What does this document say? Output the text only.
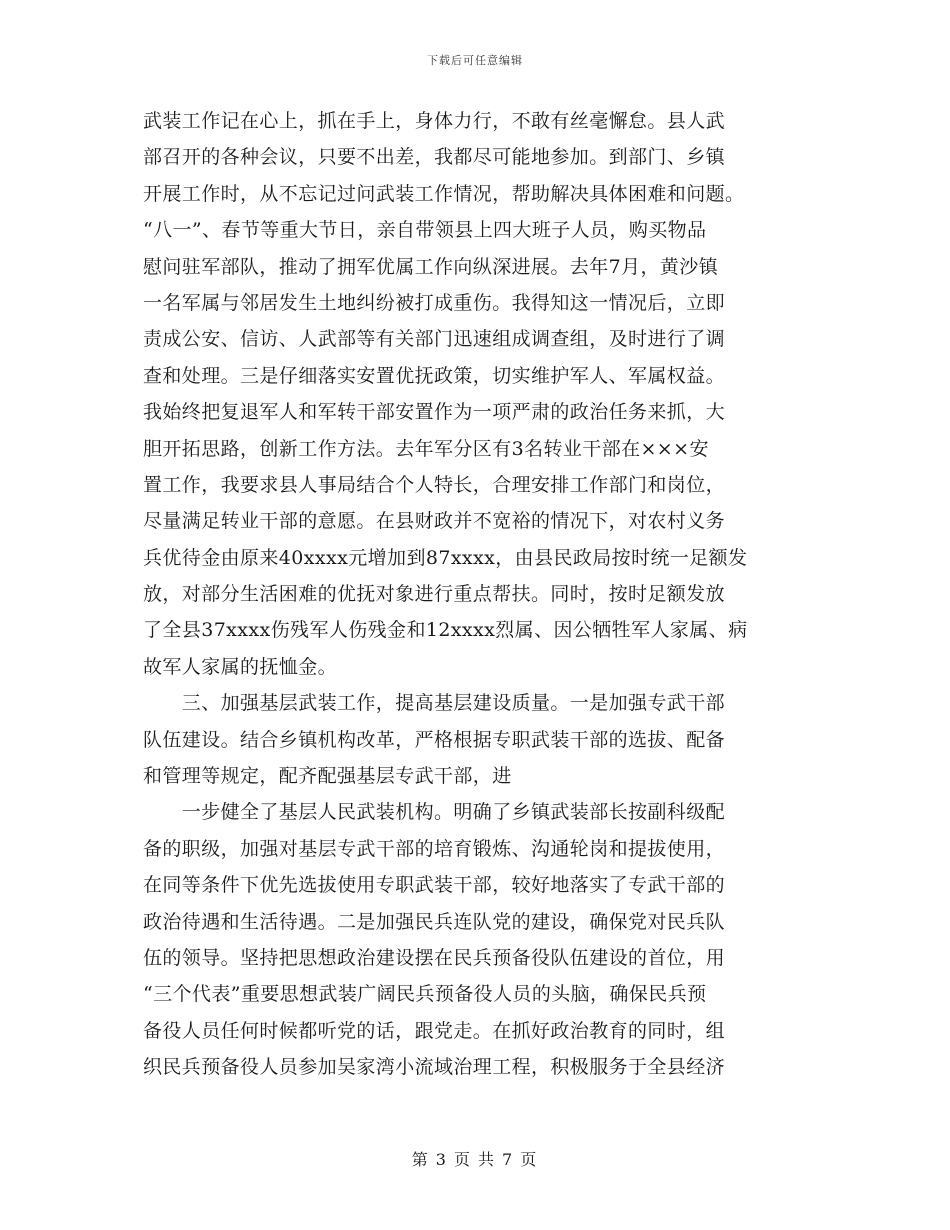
下载后可任意编辑
武装工作记在心上，抓在手上，身体力行，不敢有丝毫懈怠。县人武
部召开的各种会议，只要不出差，我都尽可能地参加。到部门、乡镇
开展工作时，从不忘记过问武装工作情况，帮助解决具体困难和问题。
“八一”、春节等重大节日，亲自带领县上四大班子人员，购买物品
慰问驻军部队，推动了拥军优属工作向纵深进展。去年7月，黄沙镇
一名军属与邻居发生土地纠纷被打成重伤。我得知这一情况后，立即
责成公安、信访、人武部等有关部门迅速组成调查组，及时进行了调
查和处理。三是仔细落实安置优抚政策，切实维护军人、军属权益。
我始终把复退军人和军转干部安置作为一项严肃的政治任务来抓，大
胆开拓思路，创新工作方法。去年军分区有3名转业干部在×××安
置工作，我要求县人事局结合个人特长，合理安排工作部门和岗位，
尽量满足转业干部的意愿。在县财政并不宽裕的情况下，对农村义务
兵优待金由原来40xxxx元增加到87xxxx，由县民政局按时统一足额发
放，对部分生活困难的优抚对象进行重点帮扶。同时，按时足额发放
了全县37xxxx伤残军人伤残金和12xxxx烈属、因公牺牲军人家属、病
故军人家属的抚恤金。
　　三、加强基层武装工作，提高基层建设质量。一是加强专武干部
队伍建设。结合乡镇机构改革，严格根据专职武装干部的选拔、配备
和管理等规定，配齐配强基层专武干部，进
　　一步健全了基层人民武装机构。明确了乡镇武装部长按副科级配
备的职级，加强对基层专武干部的培育锻炼、沟通轮岗和提拔使用，
在同等条件下优先选拔使用专职武装干部，较好地落实了专武干部的
政治待遇和生活待遇。二是加强民兵连队党的建设，确保党对民兵队
伍的领导。坚持把思想政治建设摆在民兵预备役队伍建设的首位，用
“三个代表”重要思想武装广阔民兵预备役人员的头脑，确保民兵预
备役人员任何时候都听党的话，跟党走。在抓好政治教育的同时，组
织民兵预备役人员参加吴家湾小流域治理工程，积极服务于全县经济
第 3 页 共 7 页
